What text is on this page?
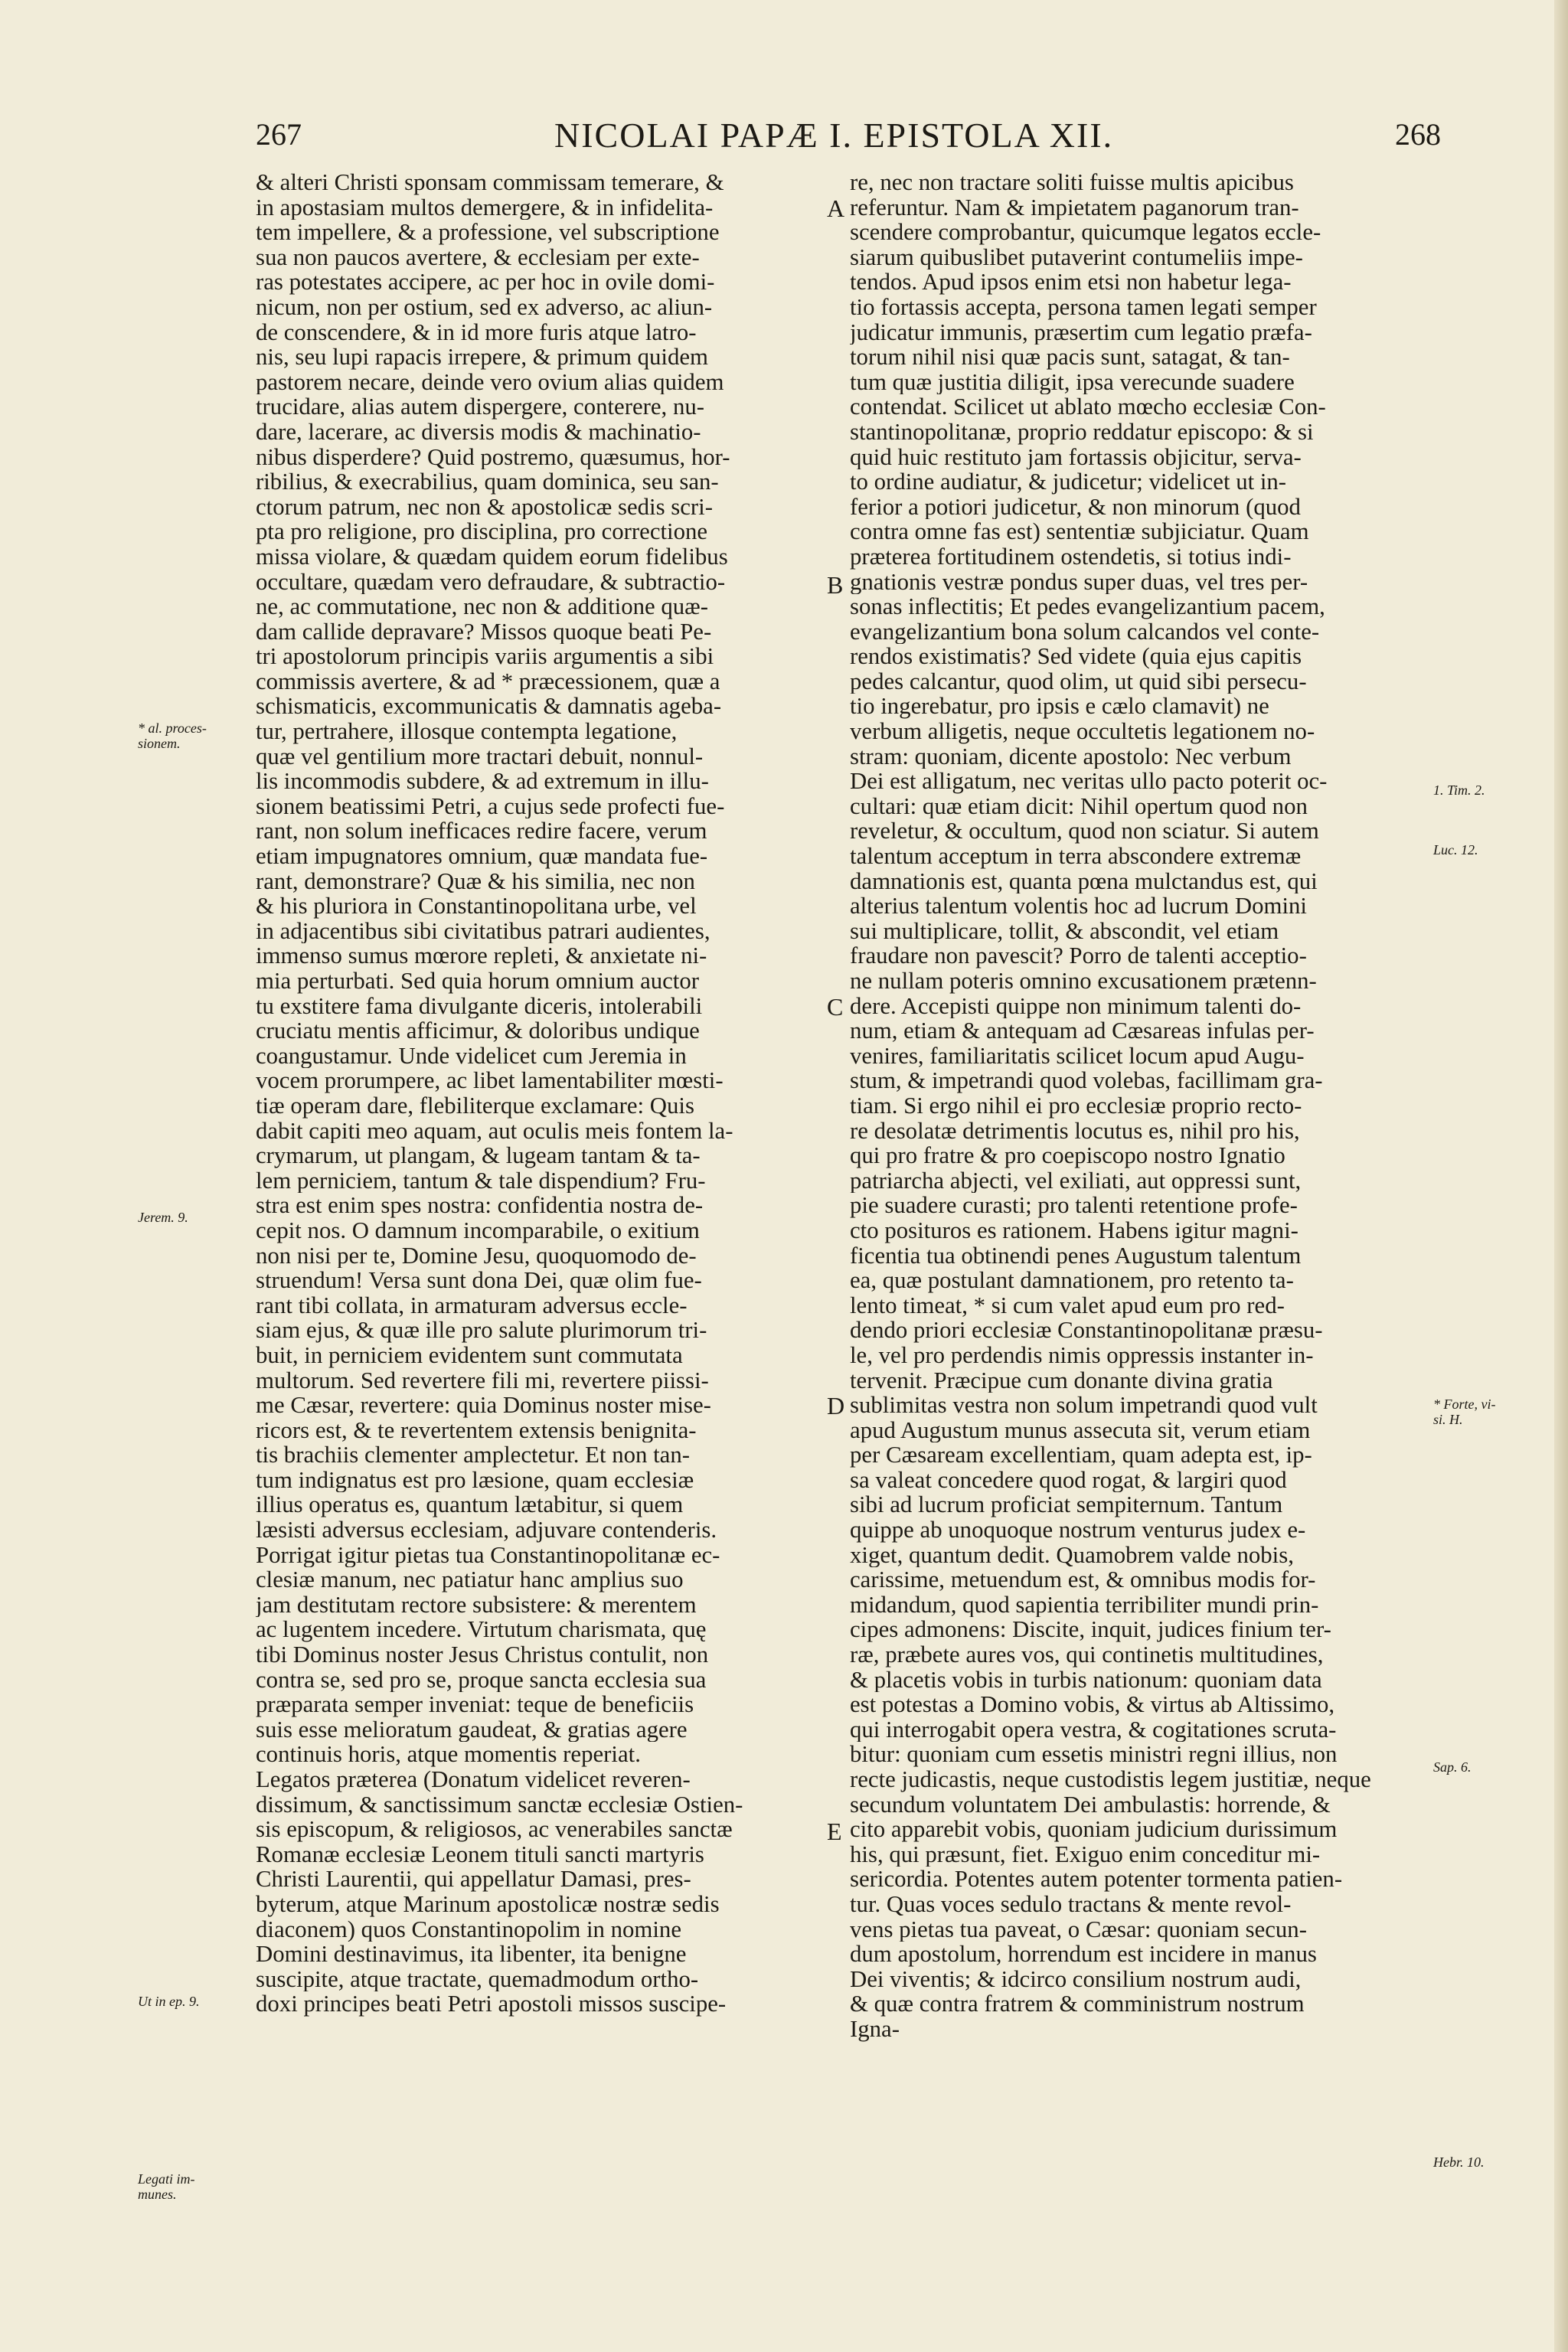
267	NICOLAI PAPÆ I. EPISTOLA XII.	268
& alteri Christi sponsam commissam temerare, &
in apostasiam multos demergere, & in infidelita-
tem impellere, & a professione, vel subscriptione
sua non paucos avertere, & ecclesiam per exte-
ras potestates accipere, ac per hoc in ovile domi-
nicum, non per ostium, sed ex adverso, ac aliun-
de conscendere, & in id more furis atque latro-
nis, seu lupi rapacis irrepere, & primum quidem
pastorem necare, deinde vero ovium alias quidem
trucidare, alias autem dispergere, conterere, nu-
dare, lacerare, ac diversis modis & machinatio-
nibus disperdere? Quid postremo, quæsumus, hor-
ribilius, & execrabilius, quam dominica, seu san-
ctorum patrum, nec non & apostolicæ sedis scri-
pta pro religione, pro disciplina, pro correctione
missa violare, & quædam quidem eorum fidelibus
occultare, quædam vero defraudare, & subtractio-
ne, ac commutatione, nec non & additione quæ-
dam callide depravare? Missos quoque beati Pe-
tri apostolorum principis variis argumentis a sibi
commissis avertere, & ad * præcessionem, quæ a
schismaticis, excommunicatis & damnatis ageba-
tur, pertrahere, illosque contempta legatione,
quæ vel gentilium more tractari debuit, nonnul-
lis incommodis subdere, & ad extremum in illu-
sionem beatissimi Petri, a cujus sede profecti fue-
rant, non solum inefficaces redire facere, verum
etiam impugnatores omnium, quæ mandata fue-
rant, demonstrare? Quæ & his similia, nec non
& his pluriora in Constantinopolitana urbe, vel
in adjacentibus sibi civitatibus patrari audientes,
immenso sumus mœrore repleti, & anxietate ni-
mia perturbati. Sed quia horum omnium auctor
tu exstitere fama divulgante diceris, intolerabili
cruciatu mentis afficimur, & doloribus undique
coangustamur. Unde videlicet cum Jeremia in
vocem prorumpere, ac libet lamentabiliter mœsti-
tiæ operam dare, flebiliterque exclamare: Quis
dabit capiti meo aquam, aut oculis meis fontem la-
crymarum, ut plangam, & lugeam tantam & ta-
lem perniciem, tantum & tale dispendium? Fru-
stra est enim spes nostra: confidentia nostra de-
cepit nos. O damnum incomparabile, o exitium
non nisi per te, Domine Jesu, quoquomodo de-
struendum! Versa sunt dona Dei, quæ olim fue-
rant tibi collata, in armaturam adversus eccle-
siam ejus, & quæ ille pro salute plurimorum tri-
buit, in perniciem evidentem sunt commutata
multorum. Sed revertere fili mi, revertere piissi-
me Cæsar, revertere: quia Dominus noster mise-
ricors est, & te revertentem extensis benignita-
tis brachiis clementer amplectetur. Et non tan-
tum indignatus est pro læsione, quam ecclesiæ
illius operatus es, quantum lætabitur, si quem
læsisti adversus ecclesiam, adjuvare contenderis.
Porrigat igitur pietas tua Constantinopolitanæ ec-
clesiæ manum, nec patiatur hanc amplius suo
jam destitutam rectore subsistere: & merentem
ac lugentem incedere. Virtutum charismata, quę
tibi Dominus noster Jesus Christus contulit, non
contra se, sed pro se, proque sancta ecclesia sua
præparata semper inveniat: teque de beneficiis
suis esse melioratum gaudeat, & gratias agere
continuis horis, atque momentis reperiat.
Legatos præterea (Donatum videlicet reveren-
dissimum, & sanctissimum sanctæ ecclesiæ Ostien-
sis episcopum, & religiosos, ac venerabiles sanctæ
Romanæ ecclesiæ Leonem tituli sancti martyris
Christi Laurentii, qui appellatur Damasi, pres-
byterum, atque Marinum apostolicæ nostræ sedis
diaconem) quos Constantinopolim in nomine
Domini destinavimus, ita libenter, ita benigne
suscipite, atque tractate, quemadmodum ortho-
doxi principes beati Petri apostoli missos suscipe-
re, nec non tractare soliti fuisse multis apicibus
referuntur. Nam & impietatem paganorum tran-
scendere comprobantur, quicumque legatos eccle-
siarum quibuslibet putaverint contumeliis impe-
tendos. Apud ipsos enim etsi non habetur lega-
tio fortassis accepta, persona tamen legati semper
judicatur immunis, præsertim cum legatio præfa-
torum nihil nisi quæ pacis sunt, satagat, & tan-
tum quæ justitia diligit, ipsa verecunde suadere
contendat. Scilicet ut ablato mœcho ecclesiæ Con-
stantinopolitanæ, proprio reddatur episcopo: & si
quid huic restituto jam fortassis objicitur, serva-
to ordine audiatur, & judicetur; videlicet ut in-
ferior a potiori judicetur, & non minorum (quod
contra omne fas est) sententiæ subjiciatur. Quam
præterea fortitudinem ostendetis, si totius indi-
gnationis vestræ pondus super duas, vel tres per-
sonas inflectitis; Et pedes evangelizantium pacem,
evangelizantium bona solum calcandos vel conte-
rendos existimatis? Sed videte (quia ejus capitis
pedes calcantur, quod olim, ut quid sibi persecu-
tio ingerebatur, pro ipsis e cælo clamavit) ne
verbum alligetis, neque occultetis legationem no-
stram: quoniam, dicente apostolo: Nec verbum
Dei est alligatum, nec veritas ullo pacto poterit oc-
cultari: quæ etiam dicit: Nihil opertum quod non
reveletur, & occultum, quod non sciatur. Si autem
talentum acceptum in terra abscondere extremæ
damnationis est, quanta pœna mulctandus est, qui
alterius talentum volentis hoc ad lucrum Domini
sui multiplicare, tollit, & abscondit, vel etiam
fraudare non pavescit? Porro de talenti acceptio-
ne nullam poteris omnino excusationem prætenn-
dere. Accepisti quippe non minimum talenti do-
num, etiam & antequam ad Cæsareas infulas per-
venires, familiaritatis scilicet locum apud Augu-
stum, & impetrandi quod volebas, facillimam gra-
tiam. Si ergo nihil ei pro ecclesiæ proprio recto-
re desolatæ detrimentis locutus es, nihil pro his,
qui pro fratre & pro coepiscopo nostro Ignatio
patriarcha abjecti, vel exiliati, aut oppressi sunt,
pie suadere curasti; pro talenti retentione profe-
cto posituros es rationem. Habens igitur magni-
ficentia tua obtinendi penes Augustum talentum
ea, quæ postulant damnationem, pro retento ta-
lento timeat, * si cum valet apud eum pro red-
dendo priori ecclesiæ Constantinopolitanæ præsu-
le, vel pro perdendis nimis oppressis instanter in-
tervenit. Præcipue cum donante divina gratia
sublimitas vestra non solum impetrandi quod vult
apud Augustum munus assecuta sit, verum etiam
per Cæsaream excellentiam, quam adepta est, ip-
sa valeat concedere quod rogat, & largiri quod
sibi ad lucrum proficiat sempiternum. Tantum
quippe ab unoquoque nostrum venturus judex e-
xiget, quantum dedit. Quamobrem valde nobis,
carissime, metuendum est, & omnibus modis for-
midandum, quod sapientia terribiliter mundi prin-
cipes admonens: Discite, inquit, judices finium ter-
ræ, præbete aures vos, qui continetis multitudines,
& placetis vobis in turbis nationum: quoniam data
est potestas a Domino vobis, & virtus ab Altissimo,
qui interrogabit opera vestra, & cogitationes scruta-
bitur: quoniam cum essetis ministri regni illius, non
recte judicastis, neque custodistis legem justitiæ, neque
secundum voluntatem Dei ambulastis: horrende, &
cito apparebit vobis, quoniam judicium durissimum
his, qui præsunt, fiet. Exiguo enim conceditur mi-
sericordia. Potentes autem potenter tormenta patien-
tur. Quas voces sedulo tractans & mente revol-
vens pietas tua paveat, o Cæsar: quoniam secun-
dum apostolum, horrendum est incidere in manus
Dei viventis; & idcirco consilium nostrum audi,
& quæ contra fratrem & comministrum nostrum
Igna-
A
B
C
D
E
* al. proces-
sionem.
Jerem. 9.
Ut in ep. 9.
Legati im-
munes.
1. Tim. 2.
Luc. 12.
* Forte, vi-
si. H.
Sap. 6.
Hebr. 10.
